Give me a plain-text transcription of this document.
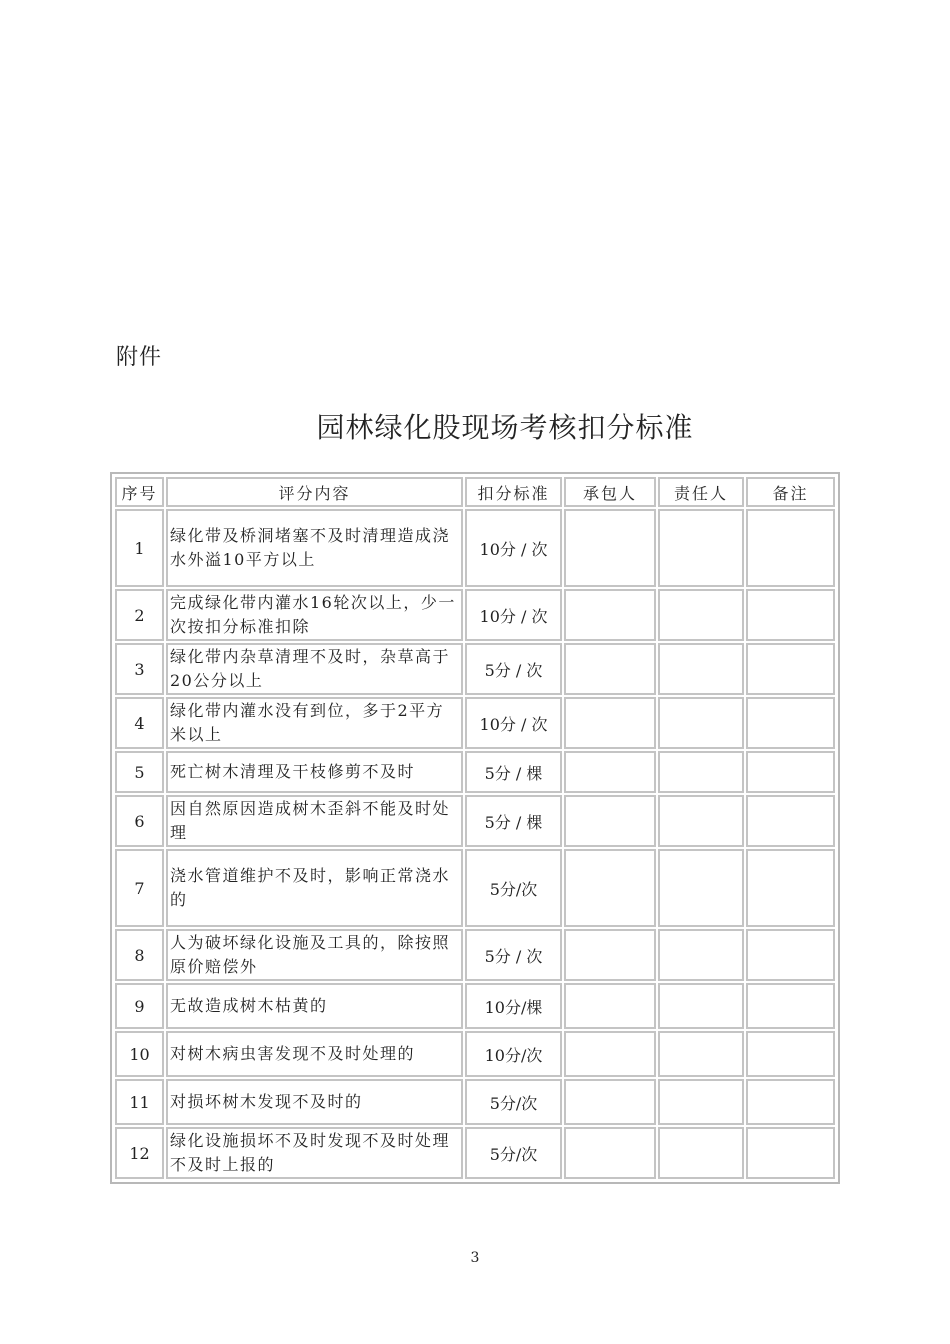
附件
园林绿化股现场考核扣分标准
序号	评分内容	扣分标准	承包人	责任人	备注
1	绿化带及桥洞堵塞不及时清理造成浇水外溢10平方以上	10分 / 次			
2	完成绿化带内灌水16轮次以上，少一次按扣分标准扣除	10分 / 次			
3	绿化带内杂草清理不及时，杂草高于20公分以上	5分 / 次			
4	绿化带内灌水没有到位，多于2平方米以上	10分 / 次			
5	死亡树木清理及干枝修剪不及时	5分 / 棵			
6	因自然原因造成树木歪斜不能及时处理	5分 / 棵			
7	浇水管道维护不及时，影响正常浇水的	5分/次			
8	人为破坏绿化设施及工具的，除按照原价赔偿外	5分 / 次			
9	无故造成树木枯黄的	10分/棵			
10	对树木病虫害发现不及时处理的	10分/次			
11	对损坏树木发现不及时的	5分/次			
12	绿化设施损坏不及时发现不及时处理不及时上报的	5分/次			
3
